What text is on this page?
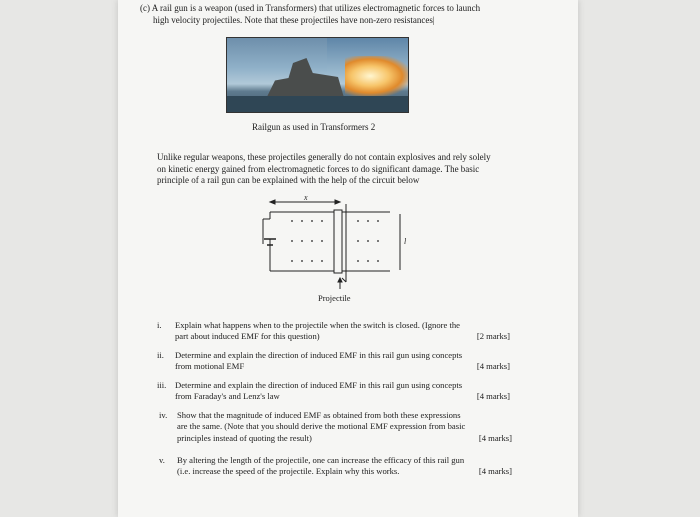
(c) A rail gun is a weapon (used in Transformers) that utilizes electromagnetic forces to launch
high velocity projectiles. Note that these projectiles have non-zero resistances|
Railgun as used in Transformers 2
Unlike regular weapons, these projectiles generally do not contain explosives and rely solely
on kinetic energy gained from electromagnetic forces to do significant damage. The basic
principle of a rail gun can be explained with the help of the circuit below
x
l
Projectile
i. Explain what happens when to the projectile when the switch is closed. (Ignore the
part about induced EMF for this question)	[2 marks]
ii. Determine and explain the direction of induced EMF in this rail gun using concepts
from motional EMF	[4 marks]
iii. Determine and explain the direction of induced EMF in this rail gun using concepts
from Faraday's and Lenz's law	[4 marks]
iv. Show that the magnitude of induced EMF as obtained from both these expressions
are the same. (Note that you should derive the motional EMF expression from basic
principles instead of quoting the result)	[4 marks]
v. By altering the length of the projectile, one can increase the efficacy of this rail gun
(i.e. increase the speed of the projectile. Explain why this works.	[4 marks]
